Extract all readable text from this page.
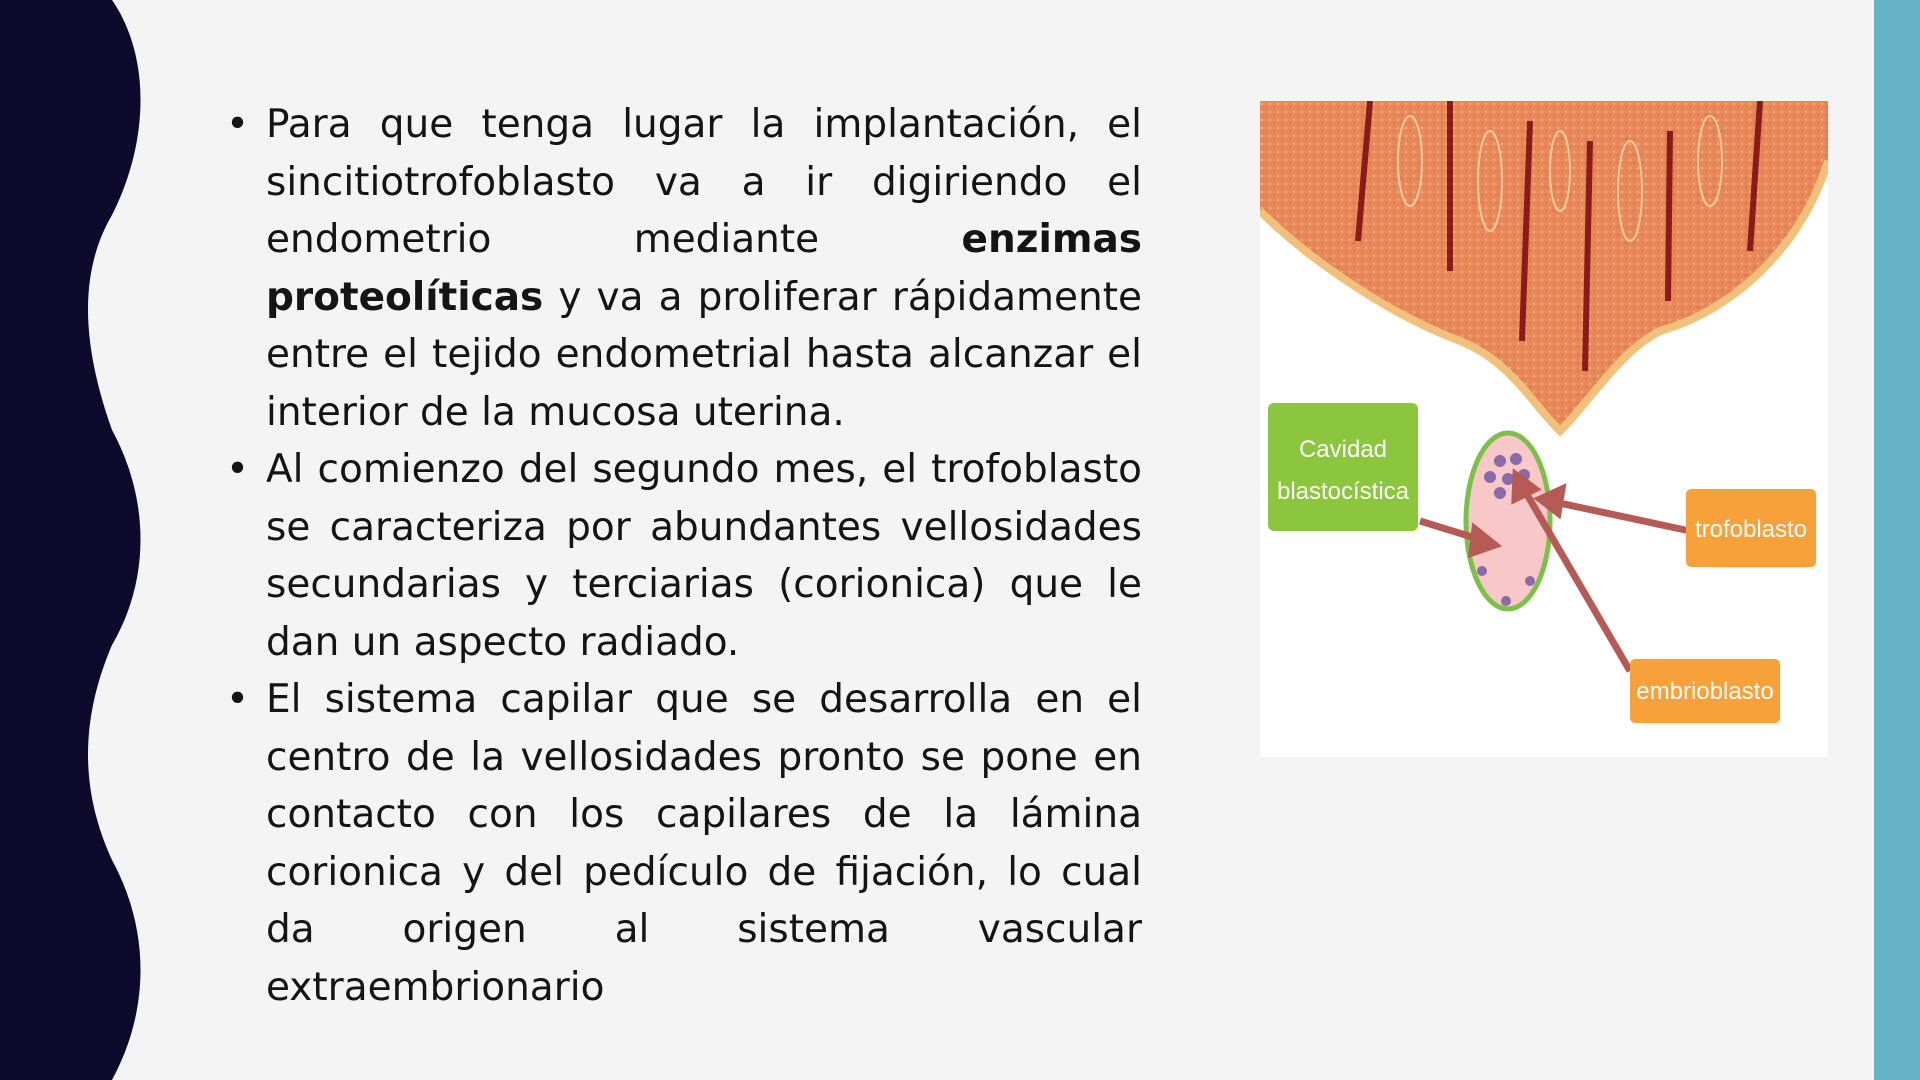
• Para que tenga lugar la implantación, el sincitiotrofoblasto va a ir digiriendo el endometrio mediante enzimas proteolíticas y va a proliferar rápidamente entre el tejido endometrial hasta alcanzar el interior de la mucosa uterina.
• Al comienzo del segundo mes, el trofoblasto se caracteriza por abundantes vellosidades secundarias y terciarias (corionica) que le dan un aspecto radiado.
• El sistema capilar que se desarrolla en el centro de la vellosidades pronto se pone en contacto con los capilares de la lámina corionica y del pedículo de fijación, lo cual da origen al sistema vascular extraembrionario
Cavidad
blastocística
trofoblasto
embrioblasto
